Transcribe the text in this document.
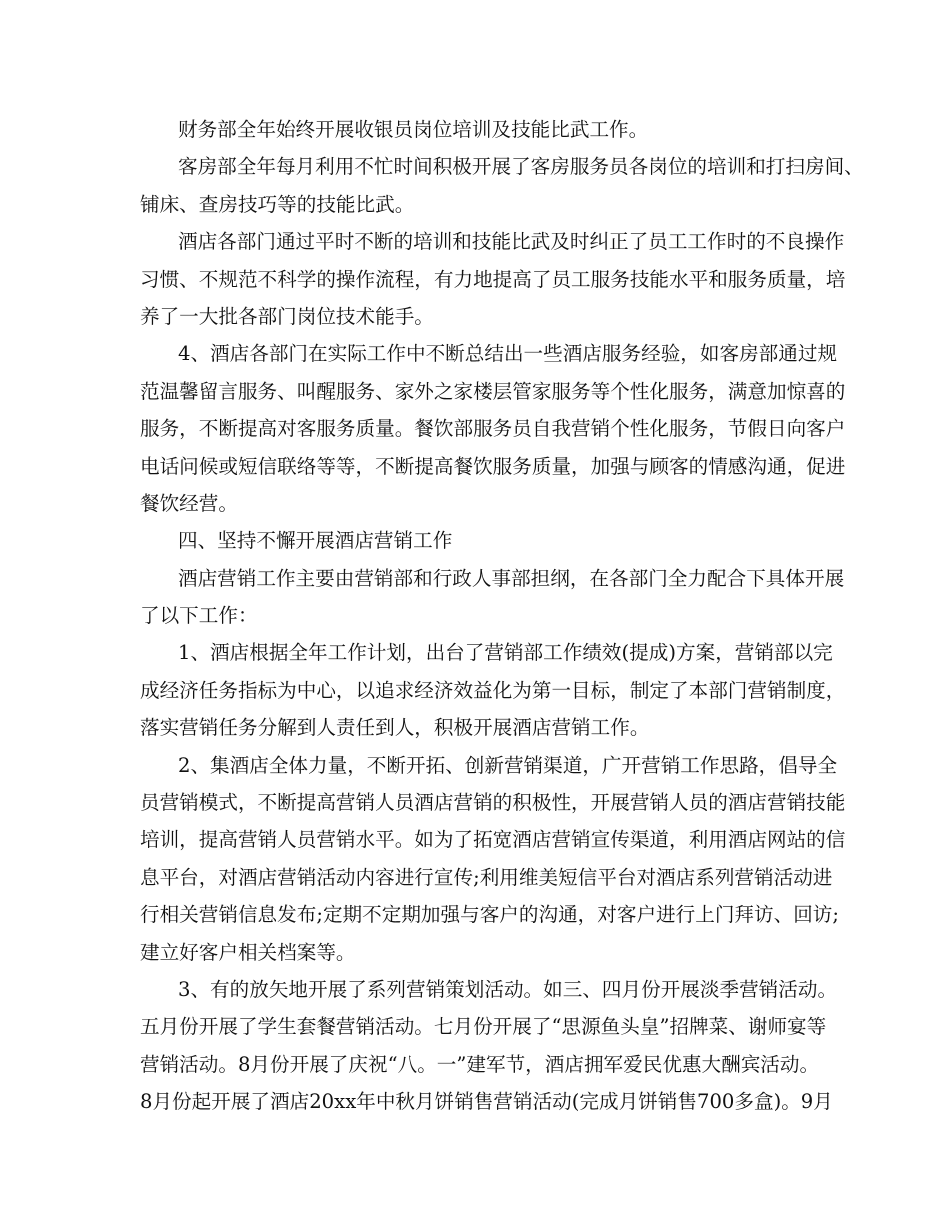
财务部全年始终开展收银员岗位培训及技能比武工作。
客房部全年每月利用不忙时间积极开展了客房服务员各岗位的培训和打扫房间、
铺床、查房技巧等的技能比武。
酒店各部门通过平时不断的培训和技能比武及时纠正了员工工作时的不良操作
习惯、不规范不科学的操作流程，有力地提高了员工服务技能水平和服务质量，培
养了一大批各部门岗位技术能手。
4、酒店各部门在实际工作中不断总结出一些酒店服务经验，如客房部通过规
范温馨留言服务、叫醒服务、家外之家楼层管家服务等个性化服务，满意加惊喜的
服务，不断提高对客服务质量。餐饮部服务员自我营销个性化服务，节假日向客户
电话问候或短信联络等等，不断提高餐饮服务质量，加强与顾客的情感沟通，促进
餐饮经营。
四、坚持不懈开展酒店营销工作
酒店营销工作主要由营销部和行政人事部担纲，在各部门全力配合下具体开展
了以下工作：
1、酒店根据全年工作计划，出台了营销部工作绩效(提成)方案，营销部以完
成经济任务指标为中心，以追求经济效益化为第一目标，制定了本部门营销制度，
落实营销任务分解到人责任到人，积极开展酒店营销工作。
2、集酒店全体力量，不断开拓、创新营销渠道，广开营销工作思路，倡导全
员营销模式，不断提高营销人员酒店营销的积极性，开展营销人员的酒店营销技能
培训，提高营销人员营销水平。如为了拓宽酒店营销宣传渠道，利用酒店网站的信
息平台，对酒店营销活动内容进行宣传;利用维美短信平台对酒店系列营销活动进
行相关营销信息发布;定期不定期加强与客户的沟通，对客户进行上门拜访、回访;
建立好客户相关档案等。
3、有的放矢地开展了系列营销策划活动。如三、四月份开展淡季营销活动。
五月份开展了学生套餐营销活动。七月份开展了“思源鱼头皇”招牌菜、谢师宴等
营销活动。8月份开展了庆祝“八。一”建军节，酒店拥军爱民优惠大酬宾活动。
8月份起开展了酒店20xx年中秋月饼销售营销活动(完成月饼销售700多盒)。9月
